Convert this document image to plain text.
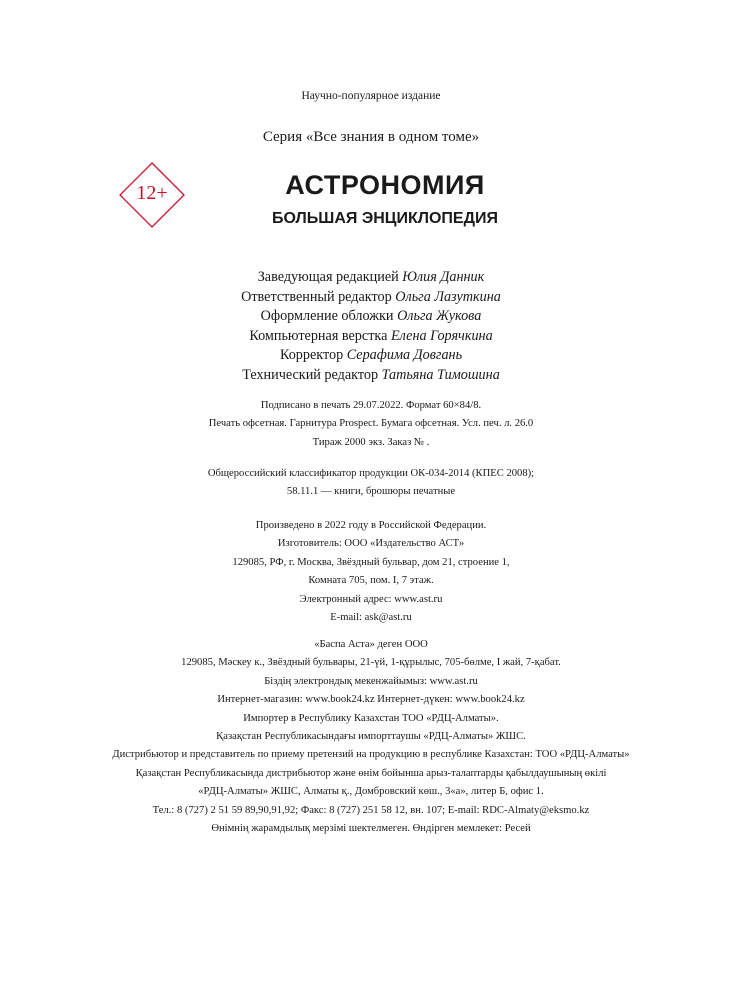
Научно-популярное издание
Серия «Все знания в одном томе»
12+	АСТРОНОМИЯ
БОЛЬШАЯ ЭНЦИКЛОПЕДИЯ
Заведующая редакцией Юлия Данник
Ответственный редактор Ольга Лазуткина
Оформление обложки Ольга Жукова
Компьютерная верстка Елена Горячкина
Корректор Серафима Довгань
Технический редактор Татьяна Тимошина
Подписано в печать 29.07.2022. Формат 60×84/8.
Печать офсетная. Гарнитура Prospect. Бумага офсетная. Усл. печ. л. 26.0
Тираж 2000 экз. Заказ № .
Общероссийский классификатор продукции ОК-034-2014 (КПЕС 2008);
58.11.1 — книги, брошюры печатные
Произведено в 2022 году в Российской Федерации.
Изготовитель: ООО «Издательство АСТ»
129085, РФ, г. Москва, Звёздный бульвар, дом 21, строение 1,
Комната 705, пом. I, 7 этаж.
Электронный адрес: www.ast.ru
E-mail: ask@ast.ru
«Баспа Аста» деген ООО
129085, Мәскеу к., Звёздный бульвары, 21-үй, 1-құрылыс, 705-бөлме, I жай, 7-қабат.
Біздің электрондық мекенжайымыз: www.ast.ru
Интернет-магазин: www.book24.kz Интернет-дүкен: www.book24.kz
Импортер в Республику Казахстан ТОО «РДЦ-Алматы».
Қазақстан Республикасындағы импорттаушы «РДЦ-Алматы» ЖШС.
Дистрибьютор и представитель по приему претензий на продукцию в республике Казахстан: ТОО «РДЦ-Алматы»
Қазақстан Республикасында дистрибьютор және өнім бойынша арыз-талаптарды қабылдаушының өкілі
«РДЦ-Алматы» ЖШС, Алматы қ., Домбровский көш., 3«а», литер Б, офис 1.
Тел.: 8 (727) 2 51 59 89,90,91,92; Факс: 8 (727) 251 58 12, вн. 107; E-mail: RDC-Almaty@eksmo.kz
Өнімнің жарамдылық мерзімі шектелмеген. Өндірген мемлекет: Ресей
